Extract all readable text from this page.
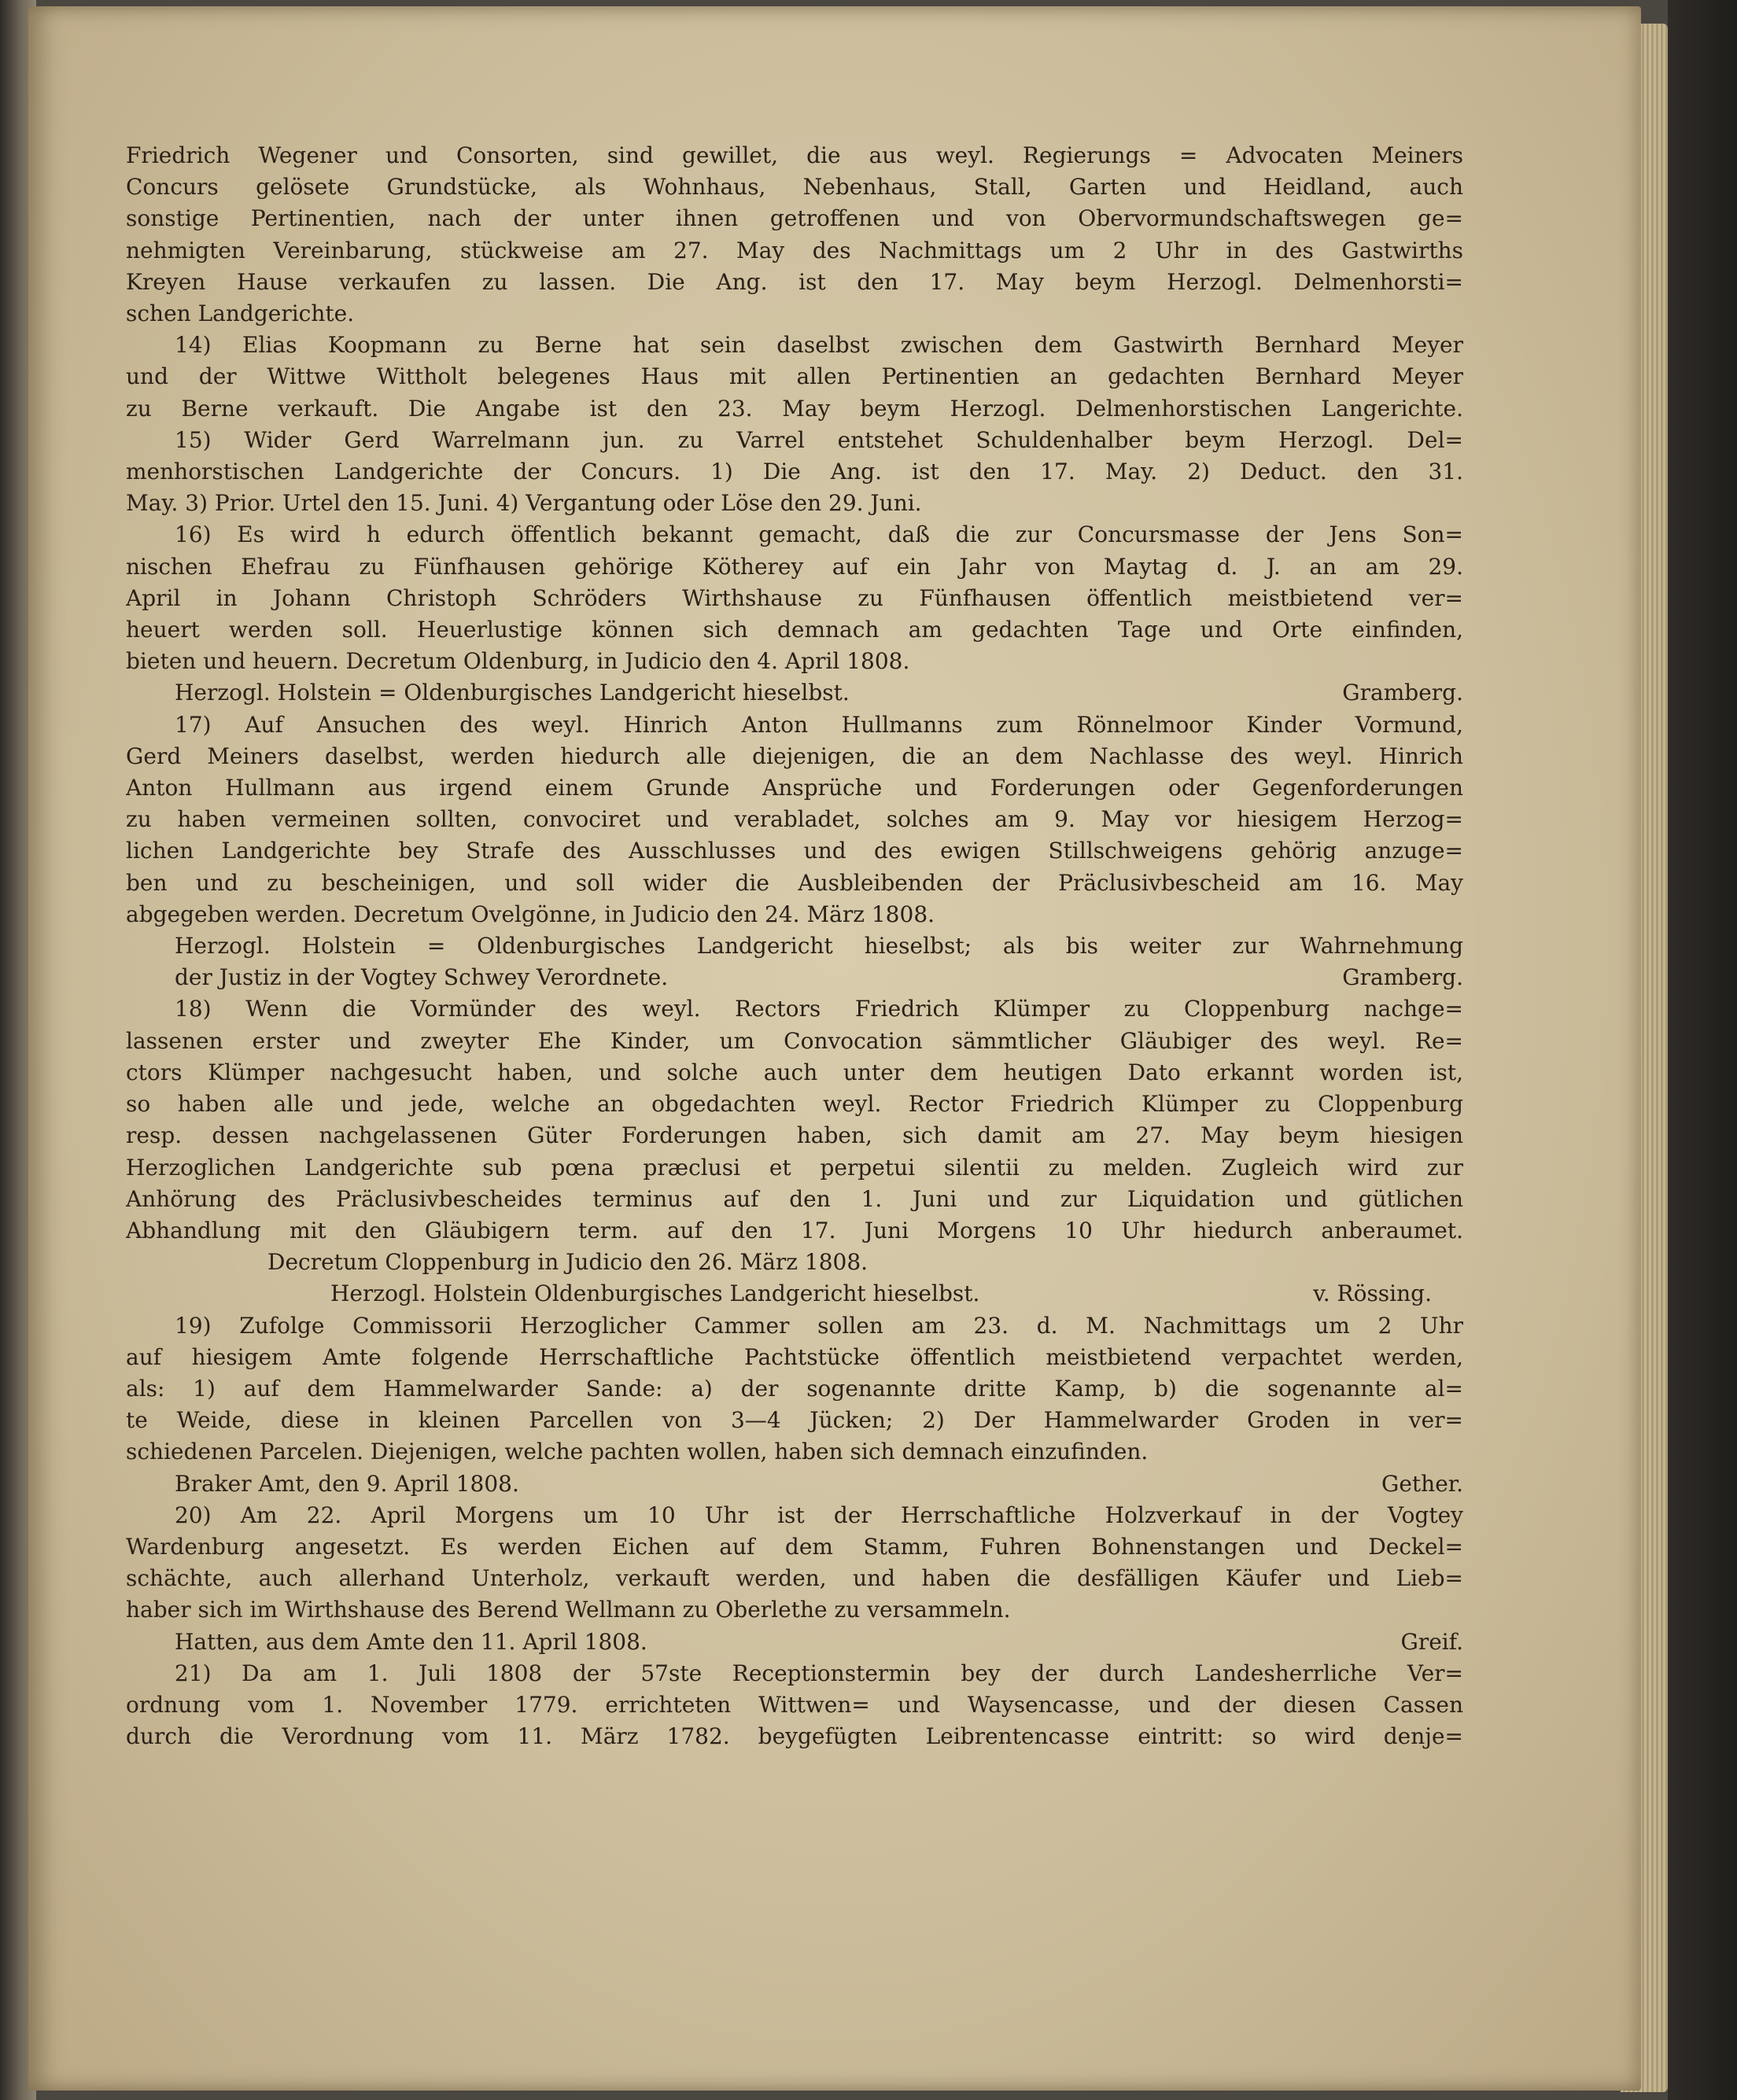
Friedrich Wegener und Consorten, sind gewillet, die aus weyl. Regierungs = Advocaten Meiners
Concurs gelösete Grundstücke, als Wohnhaus, Nebenhaus, Stall, Garten und Heidland, auch
sonstige Pertinentien, nach der unter ihnen getroffenen und von Obervormundschaftswegen ge=
nehmigten Vereinbarung, stückweise am 27. May des Nachmittags um 2 Uhr in des Gastwirths
Kreyen Hause verkaufen zu lassen. Die Ang. ist den 17. May beym Herzogl. Delmenhorsti=
schen Landgerichte.
14) Elias Koopmann zu Berne hat sein daselbst zwischen dem Gastwirth Bernhard Meyer
und der Wittwe Wittholt belegenes Haus mit allen Pertinentien an gedachten Bernhard Meyer
zu Berne verkauft. Die Angabe ist den 23. May beym Herzogl. Delmenhorstischen Langerichte.
15) Wider Gerd Warrelmann jun. zu Varrel entstehet Schuldenhalber beym Herzogl. Del=
menhorstischen Landgerichte der Concurs. 1) Die Ang. ist den 17. May. 2) Deduct. den 31.
May. 3) Prior. Urtel den 15. Juni. 4) Vergantung oder Löse den 29. Juni.
16) Es wird h edurch öffentlich bekannt gemacht, daß die zur Concursmasse der Jens Son=
nischen Ehefrau zu Fünfhausen gehörige Kötherey auf ein Jahr von Maytag d. J. an am 29.
April in Johann Christoph Schröders Wirthshause zu Fünfhausen öffentlich meistbietend ver=
heuert werden soll. Heuerlustige können sich demnach am gedachten Tage und Orte einfinden,
bieten und heuern. Decretum Oldenburg, in Judicio den 4. April 1808.
Herzogl. Holstein = Oldenburgisches Landgericht hieselbst.	Gramberg.
17) Auf Ansuchen des weyl. Hinrich Anton Hullmanns zum Rönnelmoor Kinder Vormund,
Gerd Meiners daselbst, werden hiedurch alle diejenigen, die an dem Nachlasse des weyl. Hinrich
Anton Hullmann aus irgend einem Grunde Ansprüche und Forderungen oder Gegenforderungen
zu haben vermeinen sollten, convociret und verabladet, solches am 9. May vor hiesigem Herzog=
lichen Landgerichte bey Strafe des Ausschlusses und des ewigen Stillschweigens gehörig anzuge=
ben und zu bescheinigen, und soll wider die Ausbleibenden der Präclusivbescheid am 16. May
abgegeben werden. Decretum Ovelgönne, in Judicio den 24. März 1808.
Herzogl. Holstein = Oldenburgisches Landgericht hieselbst; als bis weiter zur Wahrnehmung
der Justiz in der Vogtey Schwey Verordnete.	Gramberg.
18) Wenn die Vormünder des weyl. Rectors Friedrich Klümper zu Cloppenburg nachge=
lassenen erster und zweyter Ehe Kinder, um Convocation sämmtlicher Gläubiger des weyl. Re=
ctors Klümper nachgesucht haben, und solche auch unter dem heutigen Dato erkannt worden ist,
so haben alle und jede, welche an obgedachten weyl. Rector Friedrich Klümper zu Cloppenburg
resp. dessen nachgelassenen Güter Forderungen haben, sich damit am 27. May beym hiesigen
Herzoglichen Landgerichte sub pœna præclusi et perpetui silentii zu melden. Zugleich wird zur
Anhörung des Präclusivbescheides terminus auf den 1. Juni und zur Liquidation und gütlichen
Abhandlung mit den Gläubigern term. auf den 17. Juni Morgens 10 Uhr hiedurch anberaumet.
Decretum Cloppenburg in Judicio den 26. März 1808.
Herzogl. Holstein Oldenburgisches Landgericht hieselbst.	v. Rössing.
19) Zufolge Commissorii Herzoglicher Cammer sollen am 23. d. M. Nachmittags um 2 Uhr
auf hiesigem Amte folgende Herrschaftliche Pachtstücke öffentlich meistbietend verpachtet werden,
als: 1) auf dem Hammelwarder Sande: a) der sogenannte dritte Kamp, b) die sogenannte al=
te Weide, diese in kleinen Parcellen von 3—4 Jücken; 2) Der Hammelwarder Groden in ver=
schiedenen Parcelen. Diejenigen, welche pachten wollen, haben sich demnach einzufinden.
Braker Amt, den 9. April 1808.	Gether.
20) Am 22. April Morgens um 10 Uhr ist der Herrschaftliche Holzverkauf in der Vogtey
Wardenburg angesetzt. Es werden Eichen auf dem Stamm, Fuhren Bohnenstangen und Deckel=
schächte, auch allerhand Unterholz, verkauft werden, und haben die desfälligen Käufer und Lieb=
haber sich im Wirthshause des Berend Wellmann zu Oberlethe zu versammeln.
Hatten, aus dem Amte den 11. April 1808.	Greif.
21) Da am 1. Juli 1808 der 57ste Receptionstermin bey der durch Landesherrliche Ver=
ordnung vom 1. November 1779. errichteten Wittwen= und Waysencasse, und der diesen Cassen
durch die Verordnung vom 11. März 1782. beygefügten Leibrentencasse eintritt: so wird denje=
